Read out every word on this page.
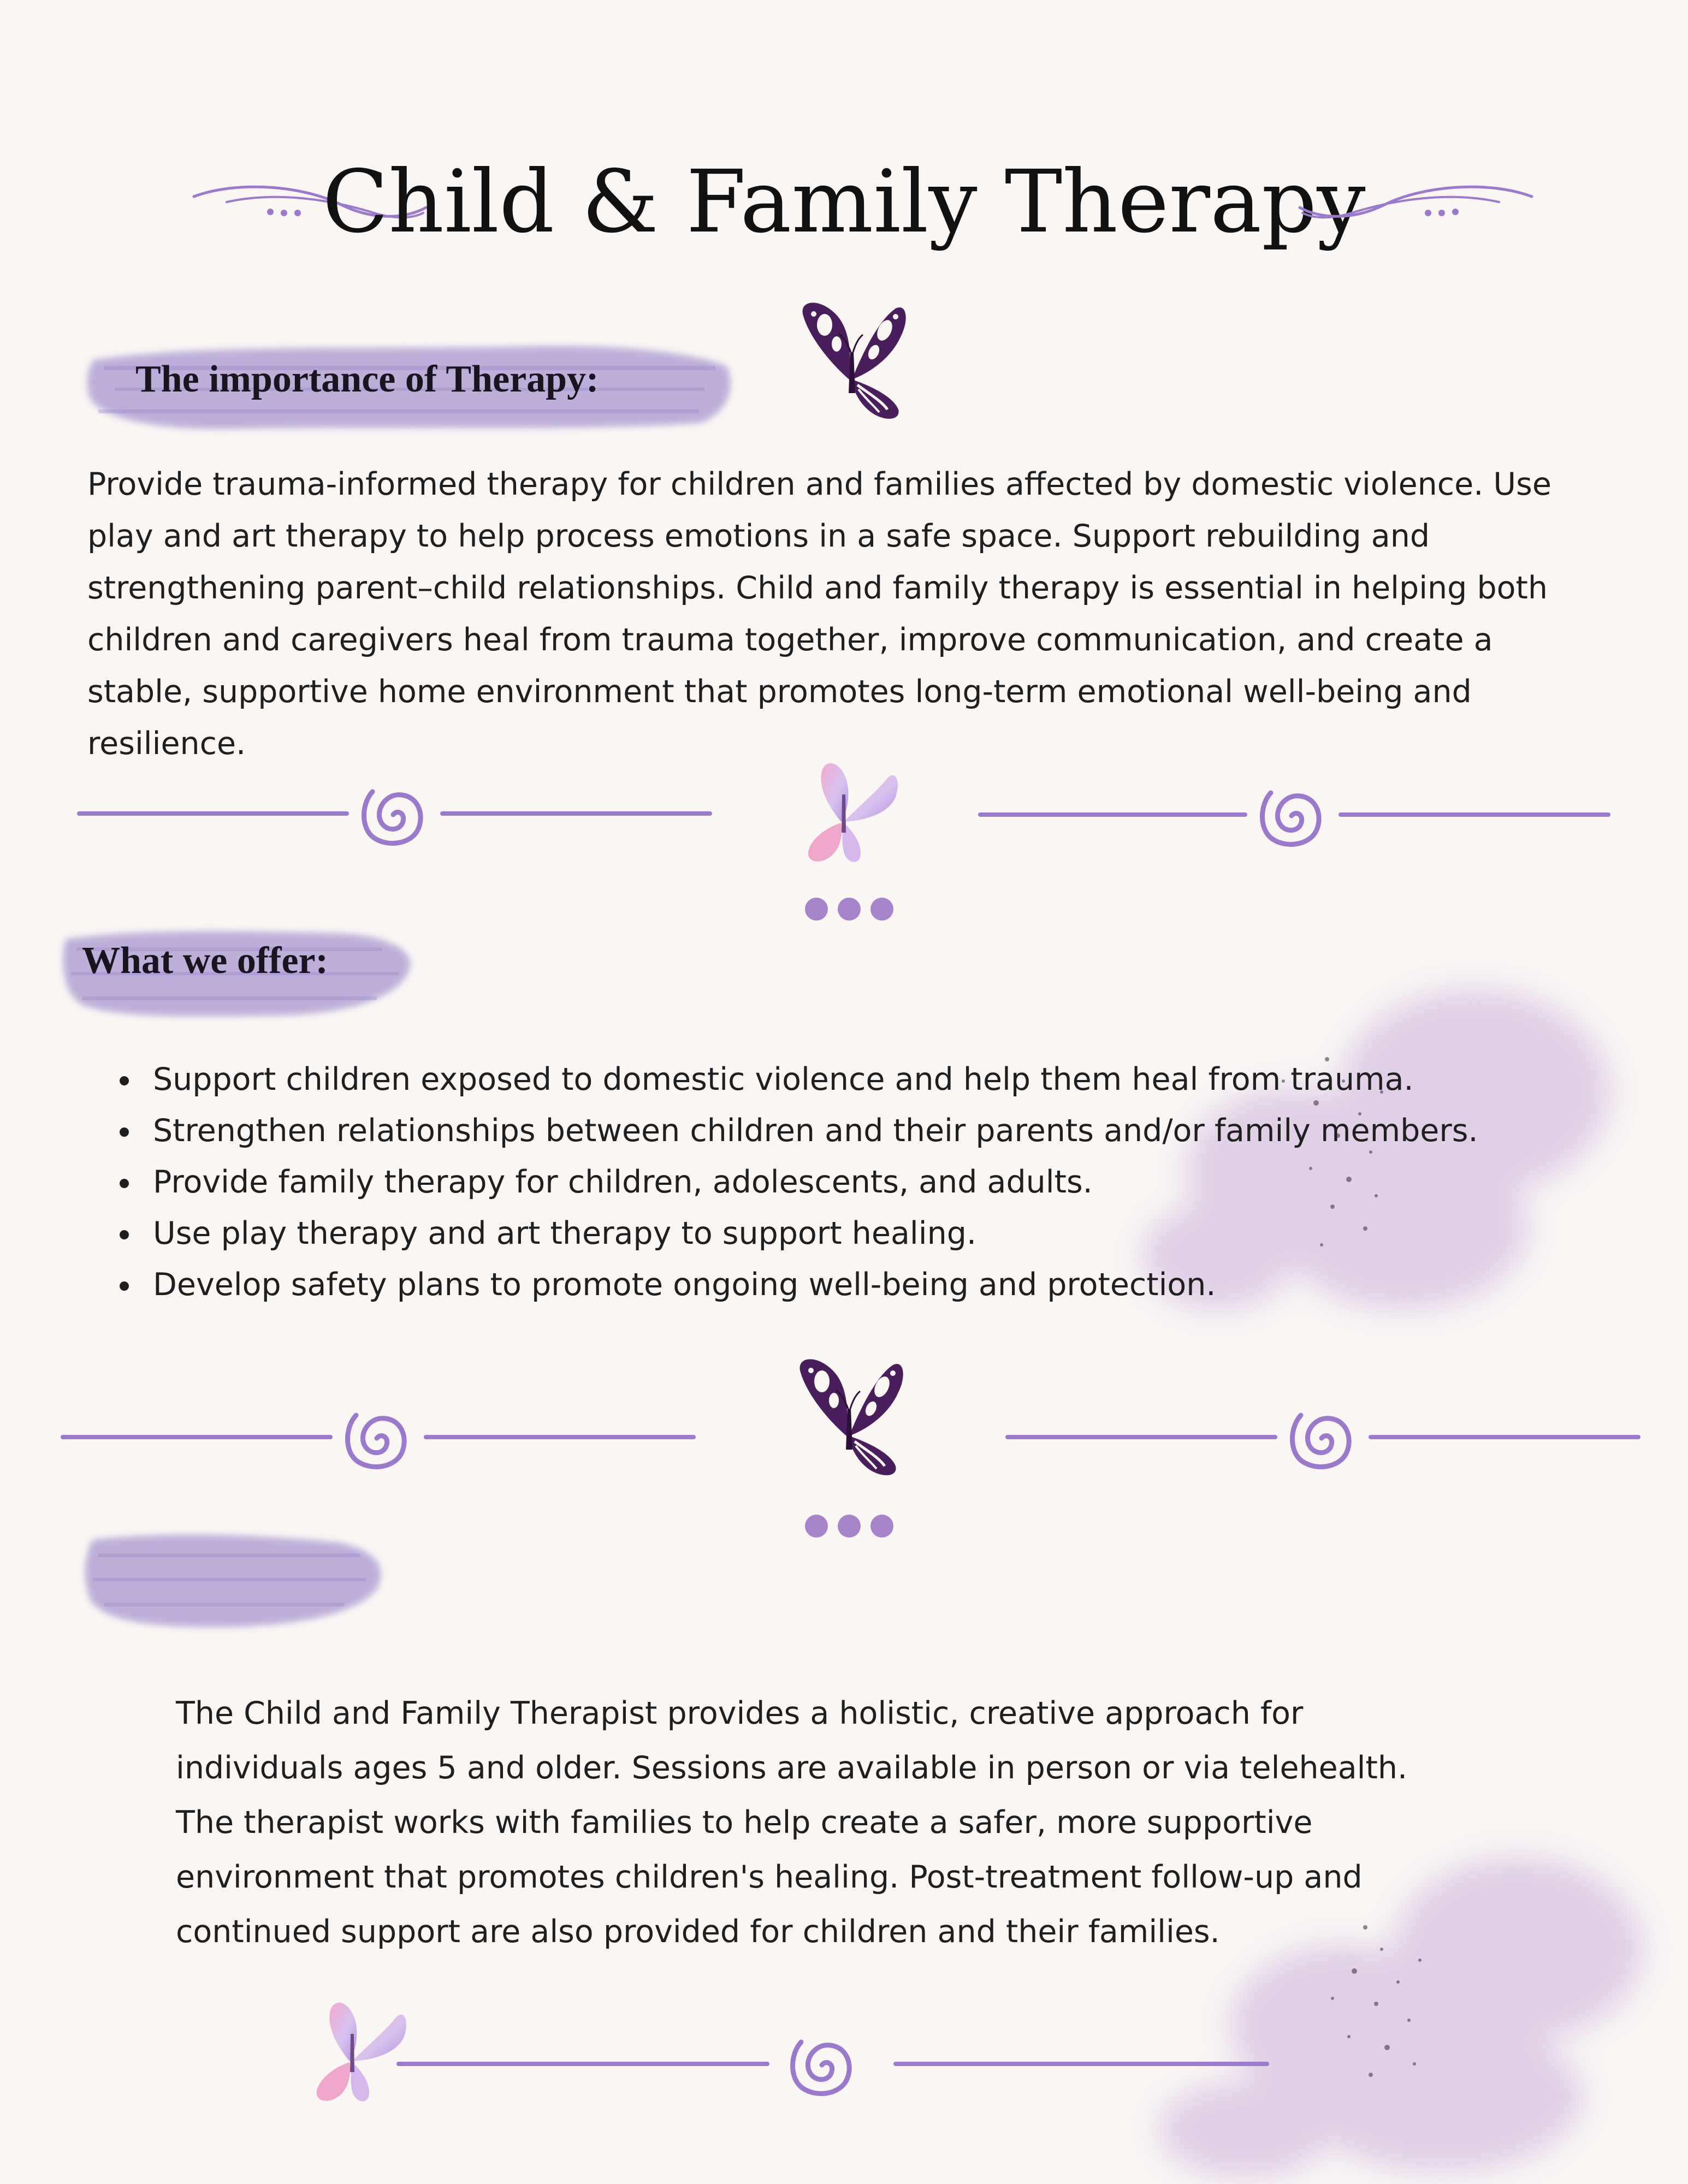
Child & Family Therapy
The importance of Therapy:
Provide trauma-informed therapy for children and families affected by domestic violence. Use play and art therapy to help process emotions in a safe space. Support rebuilding and strengthening parent–child relationships. Child and family therapy is essential in helping both children and caregivers heal from trauma together, improve communication, and create a stable, supportive home environment that promotes long-term emotional well-being and resilience.
What we offer:
• Support children exposed to domestic violence and help them heal from trauma.
• Strengthen relationships between children and their parents and/or family members.
• Provide family therapy for children, adolescents, and adults.
• Use play therapy and art therapy to support healing.
• Develop safety plans to promote ongoing well-being and protection.
The Child and Family Therapist provides a holistic, creative approach for individuals ages 5 and older. Sessions are available in person or via telehealth. The therapist works with families to help create a safer, more supportive environment that promotes children's healing. Post-treatment follow-up and continued support are also provided for children and their families.
